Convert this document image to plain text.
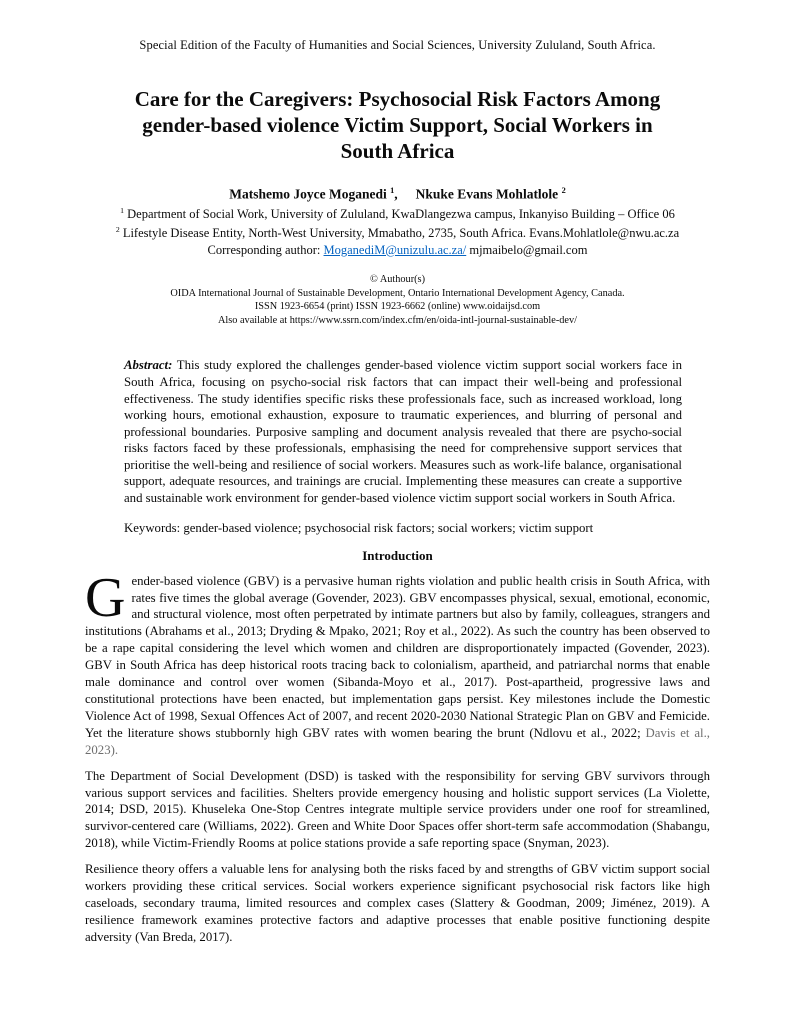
Special Edition of the Faculty of Humanities and Social Sciences, University Zululand, South Africa.
Care for the Caregivers: Psychosocial Risk Factors Among
gender-based violence Victim Support, Social Workers in
South Africa
Matshemo Joyce Moganedi $^1$, Nkuke Evans Mohlatlole $^2$
$^1$ Department of Social Work, University of Zululand, KwaDlangezwa campus, Inkanyiso Building – Office 06
$^2$ Lifestyle Disease Entity, North-West University, Mmabatho, 2735, South Africa. Evans.Mohlatlole@nwu.ac.za
Corresponding author: MoganediM@unizulu.ac.za/ mjmaibelo@gmail.com
© Authour(s)
OIDA International Journal of Sustainable Development, Ontario International Development Agency, Canada.
ISSN 1923-6654 (print) ISSN 1923-6662 (online) www.oidaijsd.com
Also available at https://www.ssrn.com/index.cfm/en/oida-intl-journal-sustainable-dev/
Abstract: This study explored the challenges gender-based violence victim support social workers face in South Africa, focusing on psycho-social risk factors that can impact their well-being and professional effectiveness. The study identifies specific risks these professionals face, such as increased workload, long working hours, emotional exhaustion, exposure to traumatic experiences, and blurring of personal and professional boundaries. Purposive sampling and document analysis revealed that there are psycho-social risks factors faced by these professionals, emphasising the need for comprehensive support services that prioritise the well-being and resilience of social workers. Measures such as work-life balance, organisational support, adequate resources, and trainings are crucial. Implementing these measures can create a supportive and sustainable work environment for gender-based violence victim support social workers in South Africa.
Keywords: gender-based violence; psychosocial risk factors; social workers; victim support
Introduction
Gender-based violence (GBV) is a pervasive human rights violation and public health crisis in South Africa, with rates five times the global average (Govender, 2023). GBV encompasses physical, sexual, emotional, economic, and structural violence, most often perpetrated by intimate partners but also by family, colleagues, strangers and institutions (Abrahams et al., 2013; Dryding & Mpako, 2021; Roy et al., 2022). As such the country has been observed to be a rape capital considering the level which women and children are disproportionately impacted (Govender, 2023). GBV in South Africa has deep historical roots tracing back to colonialism, apartheid, and patriarchal norms that enable male dominance and control over women (Sibanda-Moyo et al., 2017). Post-apartheid, progressive laws and constitutional protections have been enacted, but implementation gaps persist. Key milestones include the Domestic Violence Act of 1998, Sexual Offences Act of 2007, and recent 2020-2030 National Strategic Plan on GBV and Femicide. Yet the literature shows stubbornly high GBV rates with women bearing the brunt (Ndlovu et al., 2022; Davis et al., 2023).
The Department of Social Development (DSD) is tasked with the responsibility for serving GBV survivors through various support services and facilities. Shelters provide emergency housing and holistic support services (La Violette, 2014; DSD, 2015). Khuseleka One-Stop Centres integrate multiple service providers under one roof for streamlined, survivor-centered care (Williams, 2022). Green and White Door Spaces offer short-term safe accommodation (Shabangu, 2018), while Victim-Friendly Rooms at police stations provide a safe reporting space (Snyman, 2023).
Resilience theory offers a valuable lens for analysing both the risks faced by and strengths of GBV victim support social workers providing these critical services. Social workers experience significant psychosocial risk factors like high caseloads, secondary trauma, limited resources and complex cases (Slattery & Goodman, 2009; Jiménez, 2019). A resilience framework examines protective factors and adaptive processes that enable positive functioning despite adversity (Van Breda, 2017).
